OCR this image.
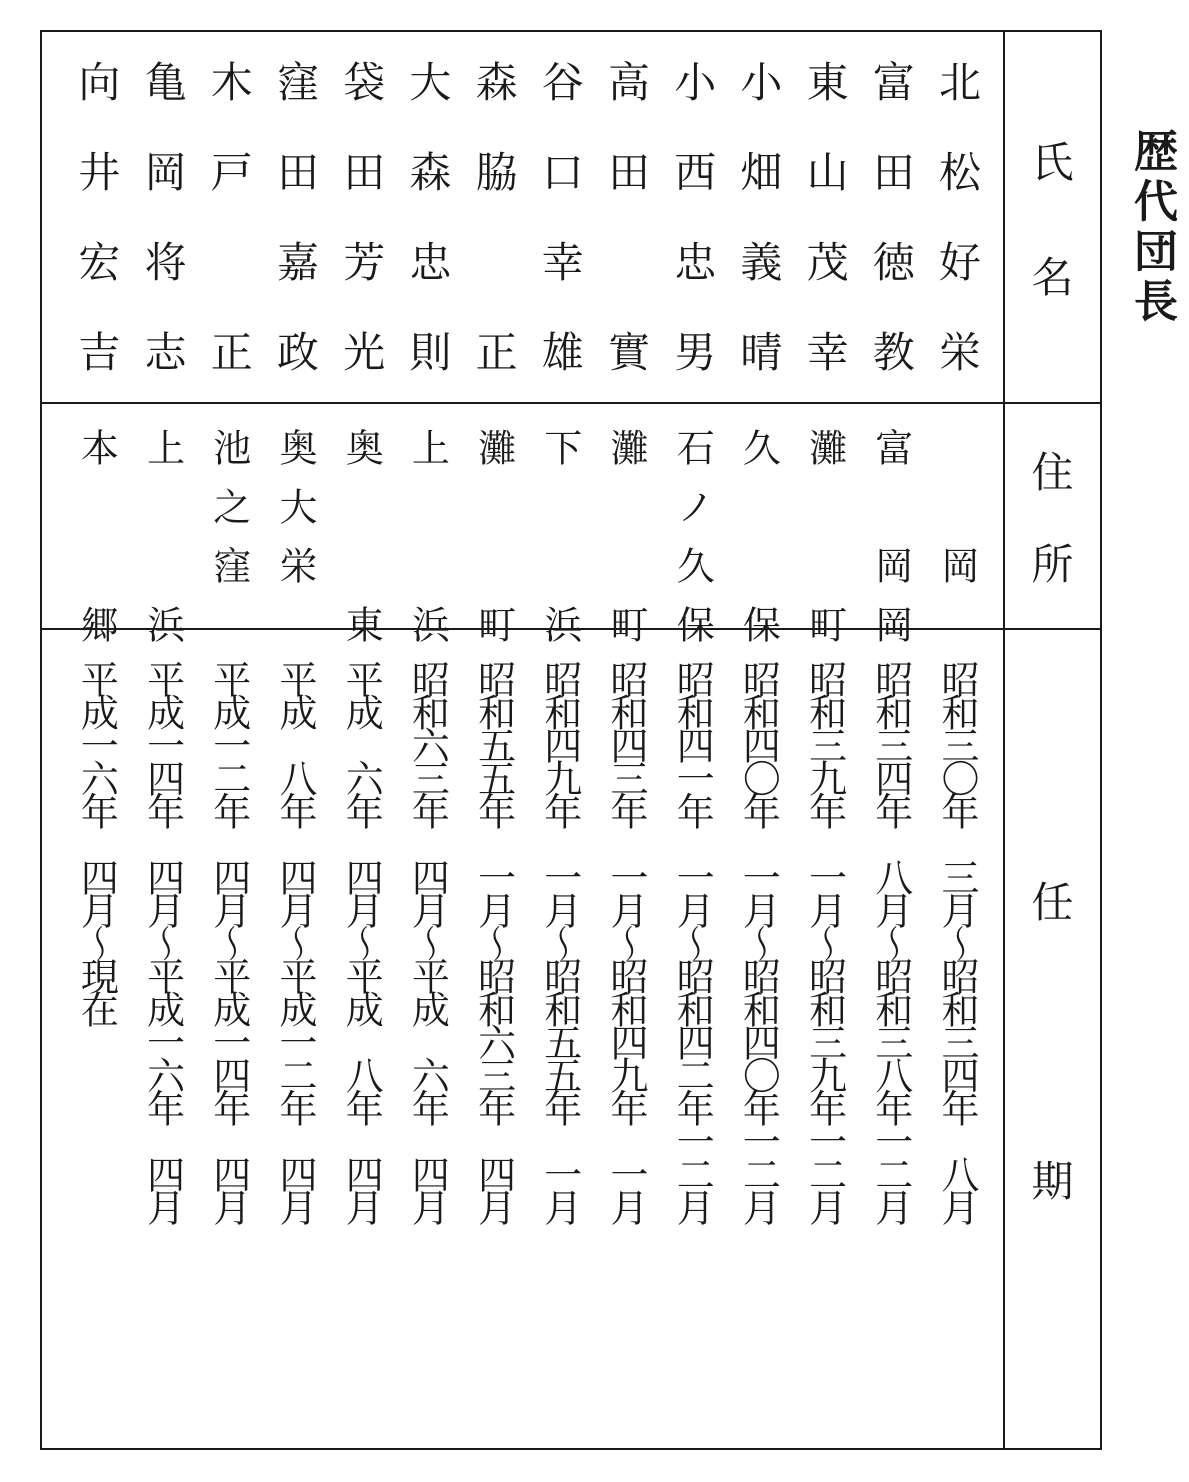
歴代団長
氏
名
住
所
任
期
北松好栄
　　岡
昭和三〇年　三月〜昭和三四年　八月
富田徳教
富　岡岡
昭和三四年　八月〜昭和三八年一二月
東山茂幸
灘　　町
昭和三九年　一月〜昭和三九年一二月
小畑義晴
久　　保
昭和四〇年　一月〜昭和四〇年一二月
小西忠男
石ノ久保
昭和四一年　一月〜昭和四二年一二月
高田　實
灘　　町
昭和四三年　一月〜昭和四九年　一月
谷口幸雄
下　　浜
昭和四九年　一月〜昭和五五年　一月
森脇　正
灘　　町
昭和五五年　一月〜昭和六三年　四月
大森忠則
上　　浜
昭和六三年　四月〜平成　六年　四月
袋田芳光
奥　　東
平成　六年　四月〜平成　八年　四月
窪田嘉政
奥大栄
平成　八年　四月〜平成一二年　四月
木戸　正
池之窪
平成一二年　四月〜平成一四年　四月
亀岡将志
上　　浜
平成一四年　四月〜平成一六年　四月
向井宏吉
本　　郷
平成一六年　四月〜現在
